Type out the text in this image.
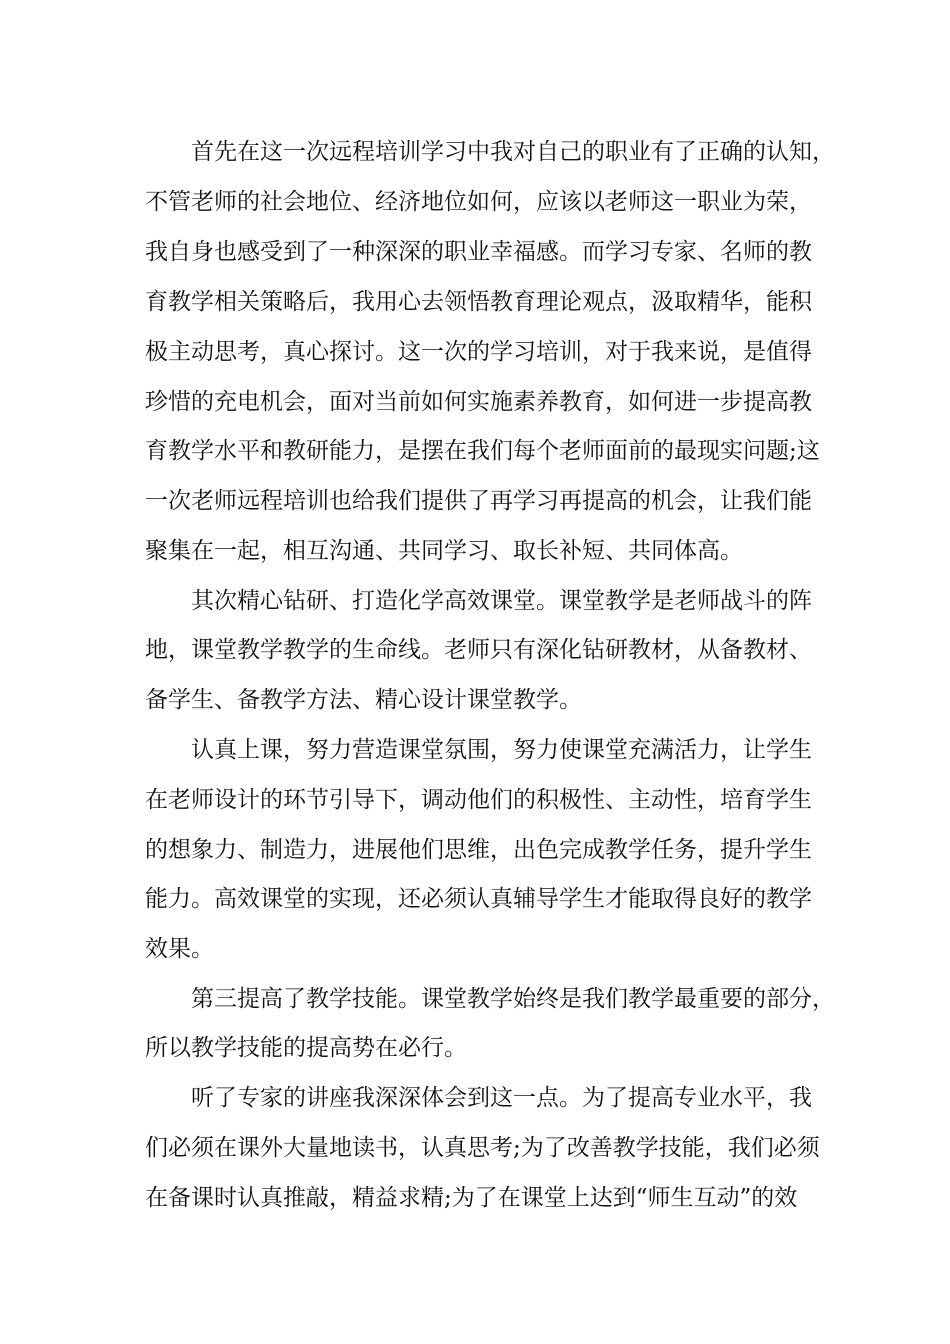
首先在这一次远程培训学习中我对自己的职业有了正确的认知，
不管老师的社会地位、经济地位如何，应该以老师这一职业为荣，
我自身也感受到了一种深深的职业幸福感。而学习专家、名师的教
育教学相关策略后，我用心去领悟教育理论观点，汲取精华，能积
极主动思考，真心探讨。这一次的学习培训，对于我来说，是值得
珍惜的充电机会，面对当前如何实施素养教育，如何进一步提高教
育教学水平和教研能力，是摆在我们每个老师面前的最现实问题;这
一次老师远程培训也给我们提供了再学习再提高的机会，让我们能
聚集在一起，相互沟通、共同学习、取长补短、共同体高。
其次精心钻研、打造化学高效课堂。课堂教学是老师战斗的阵
地，课堂教学教学的生命线。老师只有深化钻研教材，从备教材、
备学生、备教学方法、精心设计课堂教学。
认真上课，努力营造课堂氛围，努力使课堂充满活力，让学生
在老师设计的环节引导下，调动他们的积极性、主动性，培育学生
的想象力、制造力，进展他们思维，出色完成教学任务，提升学生
能力。高效课堂的实现，还必须认真辅导学生才能取得良好的教学
效果。
第三提高了教学技能。课堂教学始终是我们教学最重要的部分，
所以教学技能的提高势在必行。
听了专家的讲座我深深体会到这一点。为了提高专业水平，我
们必须在课外大量地读书，认真思考;为了改善教学技能，我们必须
在备课时认真推敲，精益求精;为了在课堂上达到“师生互动”的效
